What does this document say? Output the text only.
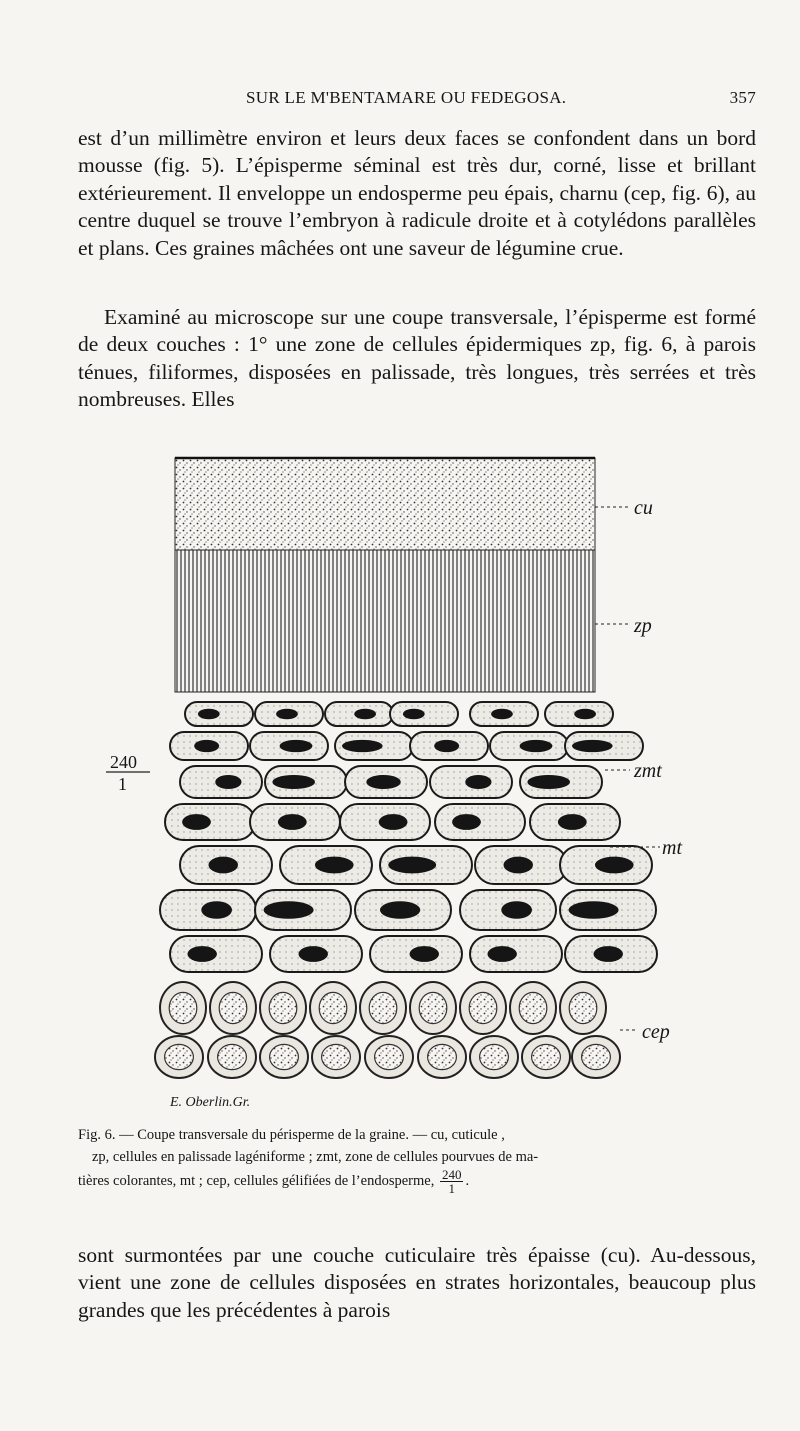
SUR LE M'BENTAMARE OU FEDEGOSA.	357

est d’un millimètre environ et leurs deux faces se confondent dans un bord mousse (fig. 5). L’épisperme séminal est très dur, corné, lisse et brillant extérieurement. Il enveloppe un endosperme peu épais, charnu (cep, fig. 6), au centre duquel se trouve l’embryon à radicule droite et à cotylédons parallèles et plans. Ces graines mâchées ont une saveur de légumine crue.

Examiné au microscope sur une coupe transversale, l’épisperme est formé de deux couches : 1° une zone de cellules épidermiques zp, fig. 6, à parois ténues, filiformes, disposées en palissade, très longues, très serrées et très nombreuses. Elles

cu
zp
zmt
mt
cep
240
1
E. Oberlin.Gr.
Fig. 6. — Coupe transversale du périsperme de la graine. — cu, cuticule ,
zp, cellules en palissade lagéniforme ; zmt, zone de cellules pourvues de ma-
tières colorantes, mt ; cep, cellules gélifiées de l’endosperme, $\frac{240}{1}$ .

sont surmontées par une couche cuticulaire très épaisse (cu). Au-dessous, vient une zone de cellules disposées en strates horizontales, beaucoup plus grandes que les précédentes à parois
